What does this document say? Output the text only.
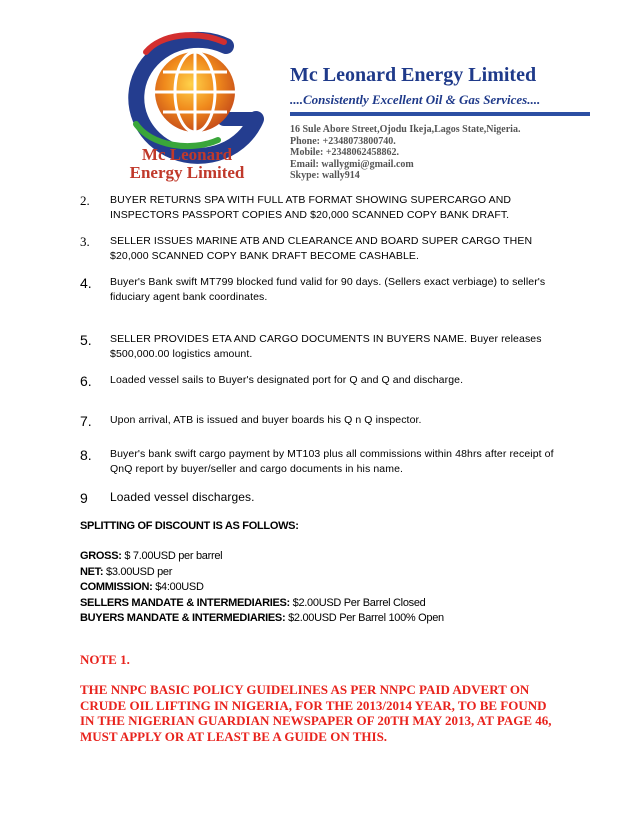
Mc Leonard
Energy Limited
Mc Leonard Energy Limited
....Consistently Excellent Oil & Gas Services....
16 Sule Abore Street,Ojodu Ikeja,Lagos State,Nigeria.
Phone: +2348073800740.
Mobile: +2348062458862.
Email: wallygmi@gmail.com
Skype: wally914
2.	BUYER RETURNS SPA WITH FULL ATB FORMAT SHOWING SUPERCARGO AND INSPECTORS PASSPORT COPIES AND $20,000 SCANNED COPY BANK DRAFT.
3.	SELLER ISSUES MARINE ATB AND CLEARANCE AND BOARD SUPER CARGO THEN $20,000 SCANNED COPY BANK DRAFT BECOME CASHABLE.
4.	Buyer's Bank swift MT799 blocked fund valid for 90 days. (Sellers exact verbiage) to seller's fiduciary agent bank coordinates.
5.	SELLER PROVIDES ETA AND CARGO DOCUMENTS IN BUYERS NAME. Buyer releases $500,000.00 logistics amount.
6.	Loaded vessel sails to Buyer's designated port for Q and Q and discharge.
7.	Upon arrival, ATB is issued and buyer boards his Q n Q inspector.
8.	Buyer's bank swift cargo payment by MT103 plus all commissions within 48hrs after receipt of QnQ report by buyer/seller and cargo documents in his name.
9	Loaded vessel discharges.
SPLITTING OF DISCOUNT IS AS FOLLOWS:
GROSS: $ 7.00USD per barrel
NET: $3.00USD per
COMMISSION: $4:00USD
SELLERS MANDATE & INTERMEDIARIES: $2.00USD Per Barrel Closed
BUYERS MANDATE & INTERMEDIARIES: $2.00USD Per Barrel 100% Open
NOTE 1.
THE NNPC BASIC POLICY GUIDELINES AS PER NNPC PAID ADVERT ON CRUDE OIL LIFTING IN NIGERIA, FOR THE 2013/2014 YEAR, TO BE FOUND IN THE NIGERIAN GUARDIAN NEWSPAPER OF 20TH MAY 2013, AT PAGE 46, MUST APPLY OR AT LEAST BE A GUIDE ON THIS.
